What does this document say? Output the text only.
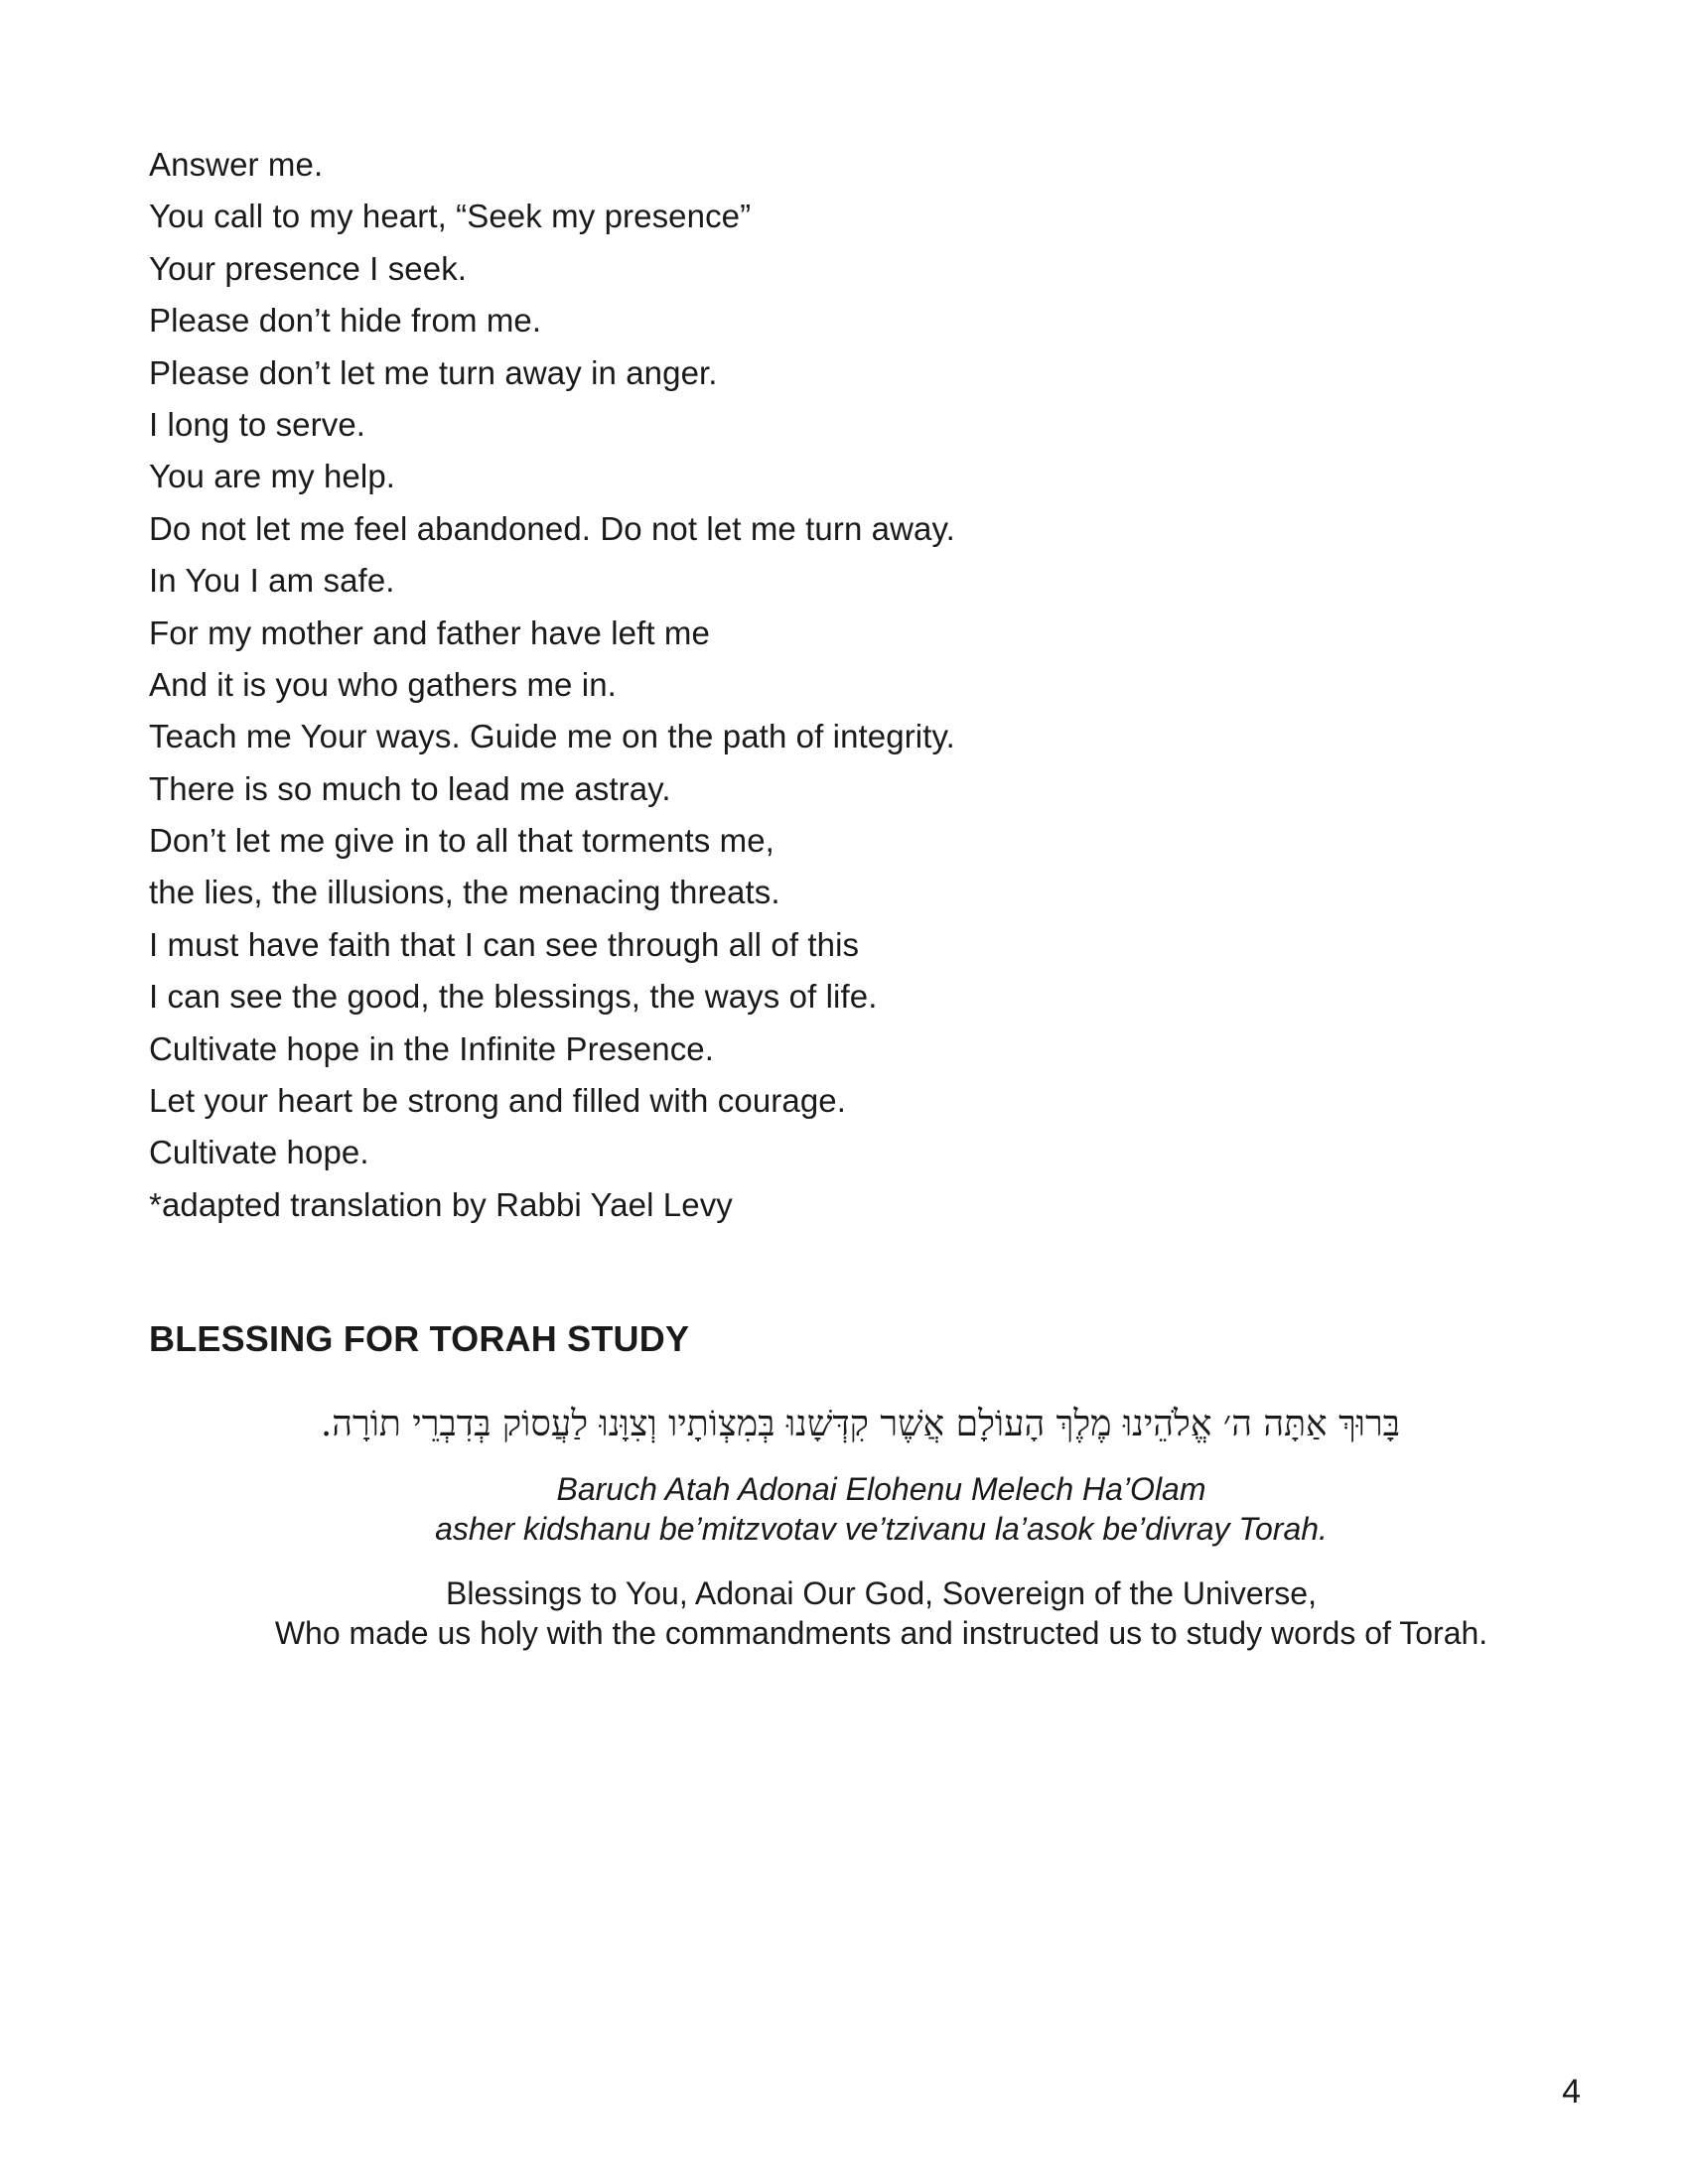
Answer me.
You call to my heart, “Seek my presence”
Your presence I seek.
Please don’t hide from me.
Please don’t let me turn away in anger.
I long to serve.
You are my help.
Do not let me feel abandoned. Do not let me turn away.
In You I am safe.
For my mother and father have left me
And it is you who gathers me in.
Teach me Your ways. Guide me on the path of integrity.
There is so much to lead me astray.
Don’t let me give in to all that torments me,
the lies, the illusions, the menacing threats.
I must have faith that I can see through all of this
I can see the good, the blessings, the ways of life.
Cultivate hope in the Infinite Presence.
Let your heart be strong and filled with courage.
Cultivate hope.
*adapted translation by Rabbi Yael Levy
BLESSING FOR TORAH STUDY
בָּרוּךְ אַתָּה ה׳ אֱלֹהֵינוּ מֶלֶךְ הָעוֹלָם אֲשֶׁר קִדְּשָׁנוּ בְּמִצְוֹתָיו וְצִוָּנוּ לַעֲסוֹק בְּדִבְרֵי תוֹרָה.
Baruch Atah Adonai Elohenu Melech Ha’Olam
asher kidshanu be’mitzvotav ve’tzivanu la’asok be’divray Torah.
Blessings to You, Adonai Our God, Sovereign of the Universe,
Who made us holy with the commandments and instructed us to study words of Torah.
4
